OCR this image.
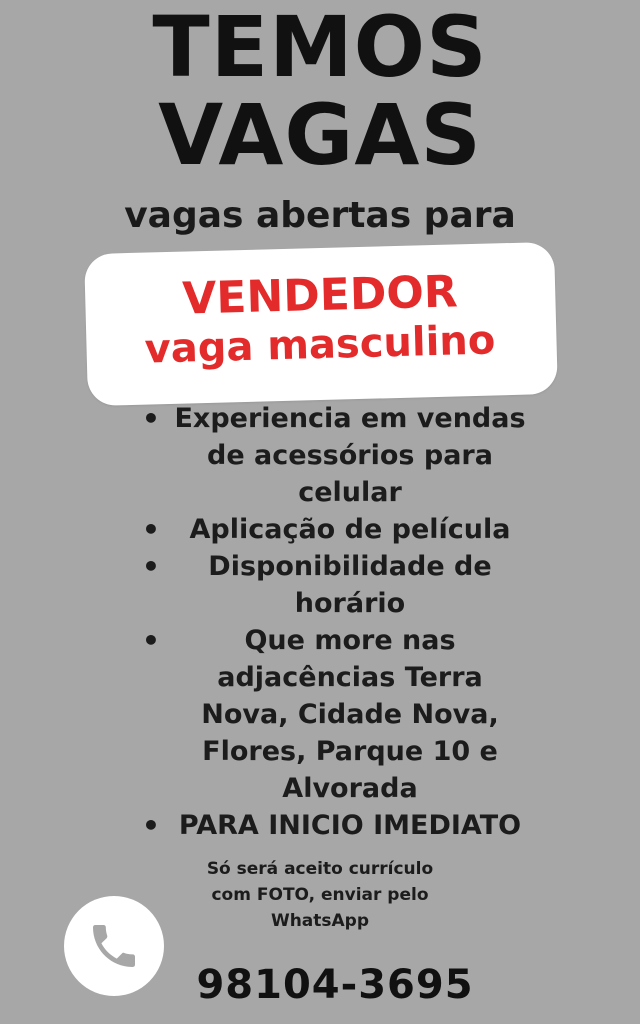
TEMOS
VAGAS
vagas abertas para
VENDEDOR
vaga masculino
• Experiencia em vendas de acessórios para celular
•	Aplicação de película
•	Disponibilidade de horário
•	Que more nas adjacências Terra Nova, Cidade Nova, Flores, Parque 10 e Alvorada
• PARA INICIO IMEDIATO
Só será aceito currículo com FOTO, enviar pelo WhatsApp
98104-3695
